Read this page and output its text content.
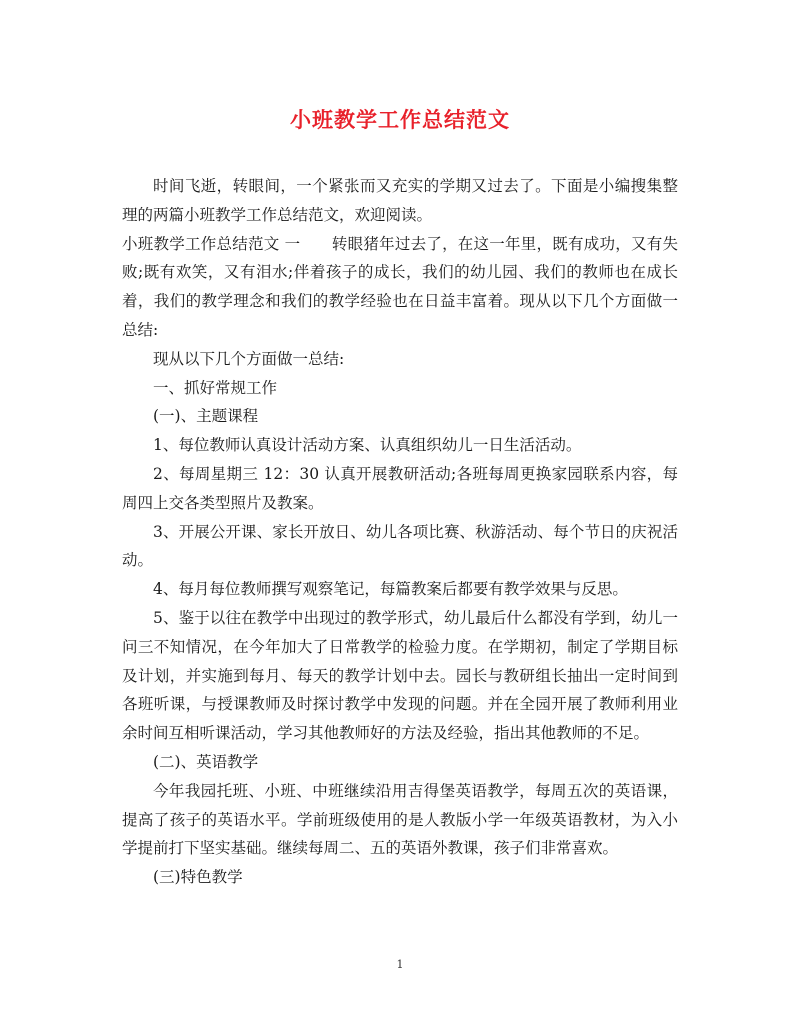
小班教学工作总结范文

时间飞逝，转眼间，一个紧张而又充实的学期又过去了。下面是小编搜集整理的两篇小班教学工作总结范文，欢迎阅读。

小班教学工作总结范文 一　　转眼猪年过去了，在这一年里，既有成功，又有失败;既有欢笑，又有泪水;伴着孩子的成长，我们的幼儿园、我们的教师也在成长着，我们的教学理念和我们的教学经验也在日益丰富着。现从以下几个方面做一总结:

现从以下几个方面做一总结:

一、抓好常规工作

(一)、主题课程

1、每位教师认真设计活动方案、认真组织幼儿一日生活活动。

2、每周星期三 12：30 认真开展教研活动;各班每周更换家园联系内容，每周四上交各类型照片及教案。

3、开展公开课、家长开放日、幼儿各项比赛、秋游活动、每个节日的庆祝活动。

4、每月每位教师撰写观察笔记，每篇教案后都要有教学效果与反思。

5、鉴于以往在教学中出现过的教学形式，幼儿最后什么都没有学到，幼儿一问三不知情况，在今年加大了日常教学的检验力度。在学期初，制定了学期目标及计划，并实施到每月、每天的教学计划中去。园长与教研组长抽出一定时间到各班听课，与授课教师及时探讨教学中发现的问题。并在全园开展了教师利用业余时间互相听课活动，学习其他教师好的方法及经验，指出其他教师的不足。

(二)、英语教学

今年我园托班、小班、中班继续沿用吉得堡英语教学，每周五次的英语课，提高了孩子的英语水平。学前班级使用的是人教版小学一年级英语教材，为入小学提前打下坚实基础。继续每周二、五的英语外教课，孩子们非常喜欢。

(三)特色教学

1
